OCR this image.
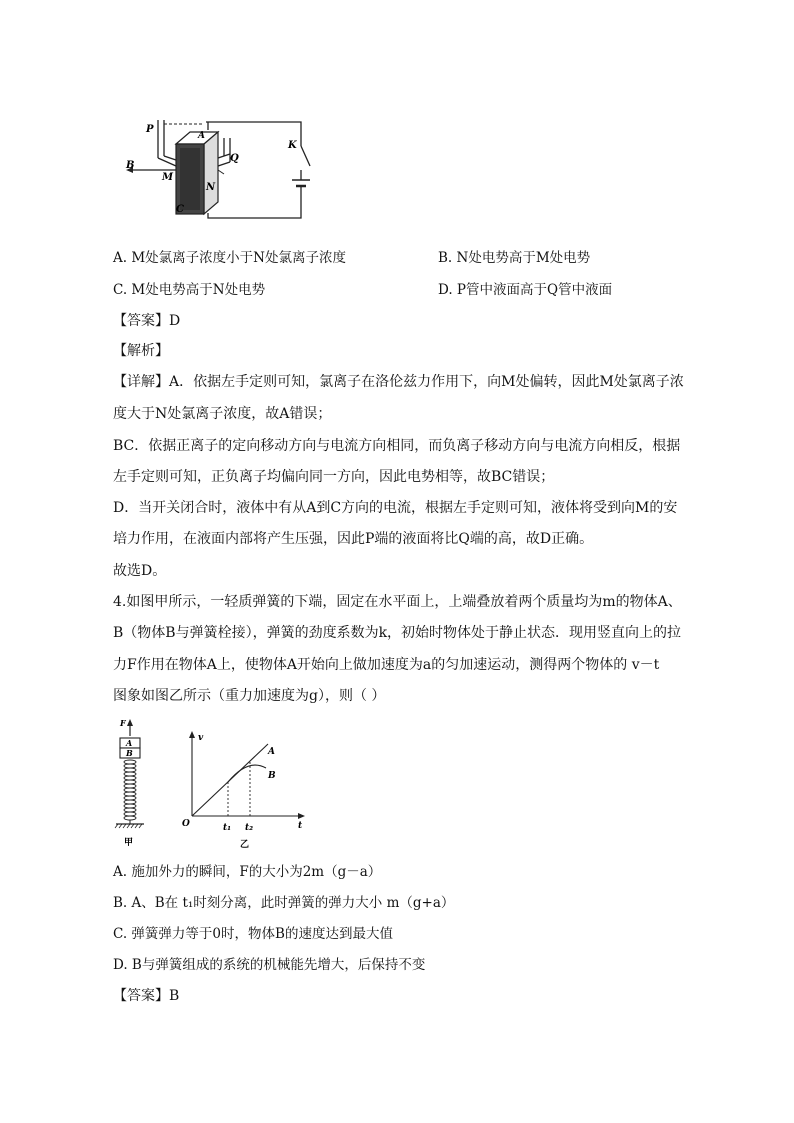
P
A
Q
K
B
M
N
C
A. M处氯离子浓度小于N处氯离子浓度	B. N处电势高于M处电势
C. M处电势高于N处电势	D. P管中液面高于Q管中液面
【答案】D
【解析】
【详解】A．依据左手定则可知，氯离子在洛伦兹力作用下，向M处偏转，因此M处氯离子浓
度大于N处氯离子浓度，故A错误；
BC．依据正离子的定向移动方向与电流方向相同，而负离子移动方向与电流方向相反，根据
左手定则可知，正负离子均偏向同一方向，因此电势相等，故BC错误；
D．当开关闭合时，液体中有从A到C方向的电流，根据左手定则可知，液体将受到向M的安
培力作用，在液面内部将产生压强，因此P端的液面将比Q端的高，故D正确。
故选D。
4.如图甲所示，一轻质弹簧的下端，固定在水平面上，上端叠放着两个质量均为m的物体A、
B（物体B与弹簧栓接），弹簧的劲度系数为k，初始时物体处于静止状态．现用竖直向上的拉
力F作用在物体A上，使物体A开始向上做加速度为a的匀加速运动，测得两个物体的 v－t
图象如图乙所示（重力加速度为g），则（ ）
F
A
B
甲
v
t
O	t₁ t₂
A
B
乙
A. 施加外力的瞬间，F的大小为2m（g－a）
B. A、B在 t₁时刻分离，此时弹簧的弹力大小 m（g+a）
C. 弹簧弹力等于0时，物体B的速度达到最大值
D. B与弹簧组成的系统的机械能先增大，后保持不变
【答案】B
